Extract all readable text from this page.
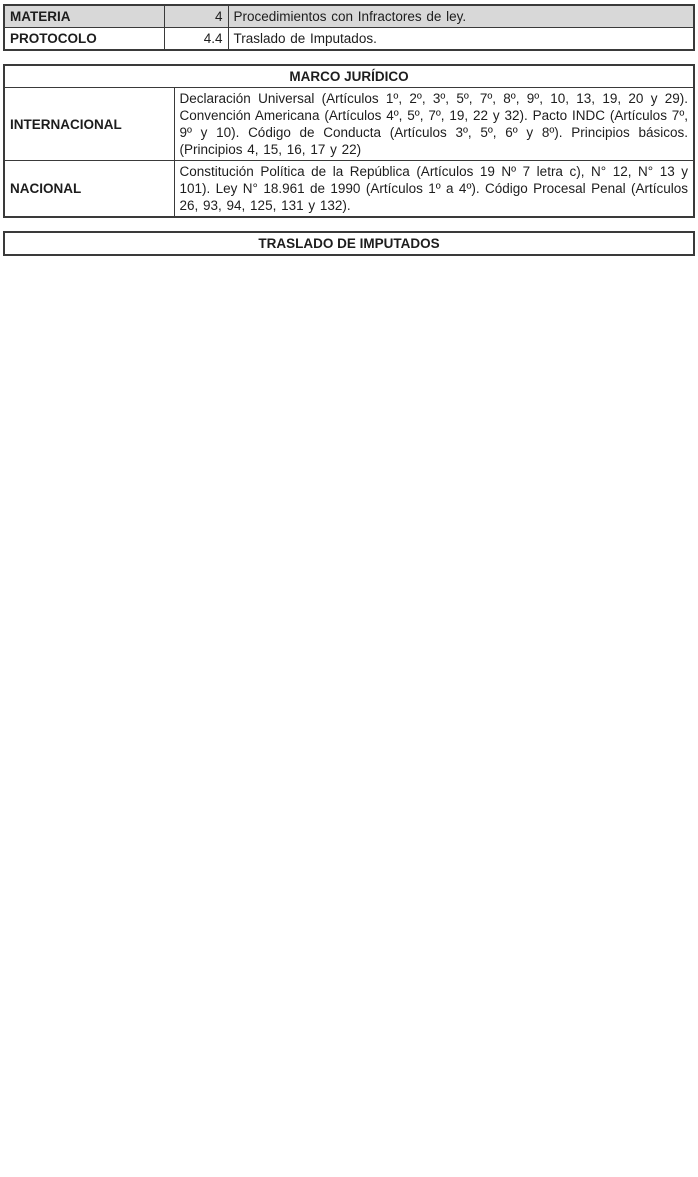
MATERIA	4	Procedimientos con Infractores de ley.
PROTOCOLO	4.4	Traslado de Imputados.
MARCO JURÍDICO	
INTERNACIONAL	Declaración Universal (Artículos 1º, 2º, 3º, 5º, 7º, 8º, 9º, 10, 13, 19, 20 y 29). Convención Americana (Artículos 4º, 5º, 7º, 19, 22 y 32). Pacto INDC (Artículos 7º, 9º y 10). Código de Conducta (Artículos 3º, 5º, 6º y 8º). Principios básicos. (Principios 4, 15, 16, 17 y 22)
NACIONAL	Constitución Política de la República (Artículos 19 Nº 7 letra c), N° 12, N° 13 y 101). Ley N° 18.961 de 1990 (Artículos 1º a 4º). Código Procesal Penal (Artículos 26, 93, 94, 125, 131 y 132).
TRASLADO DE IMPUTADOS
